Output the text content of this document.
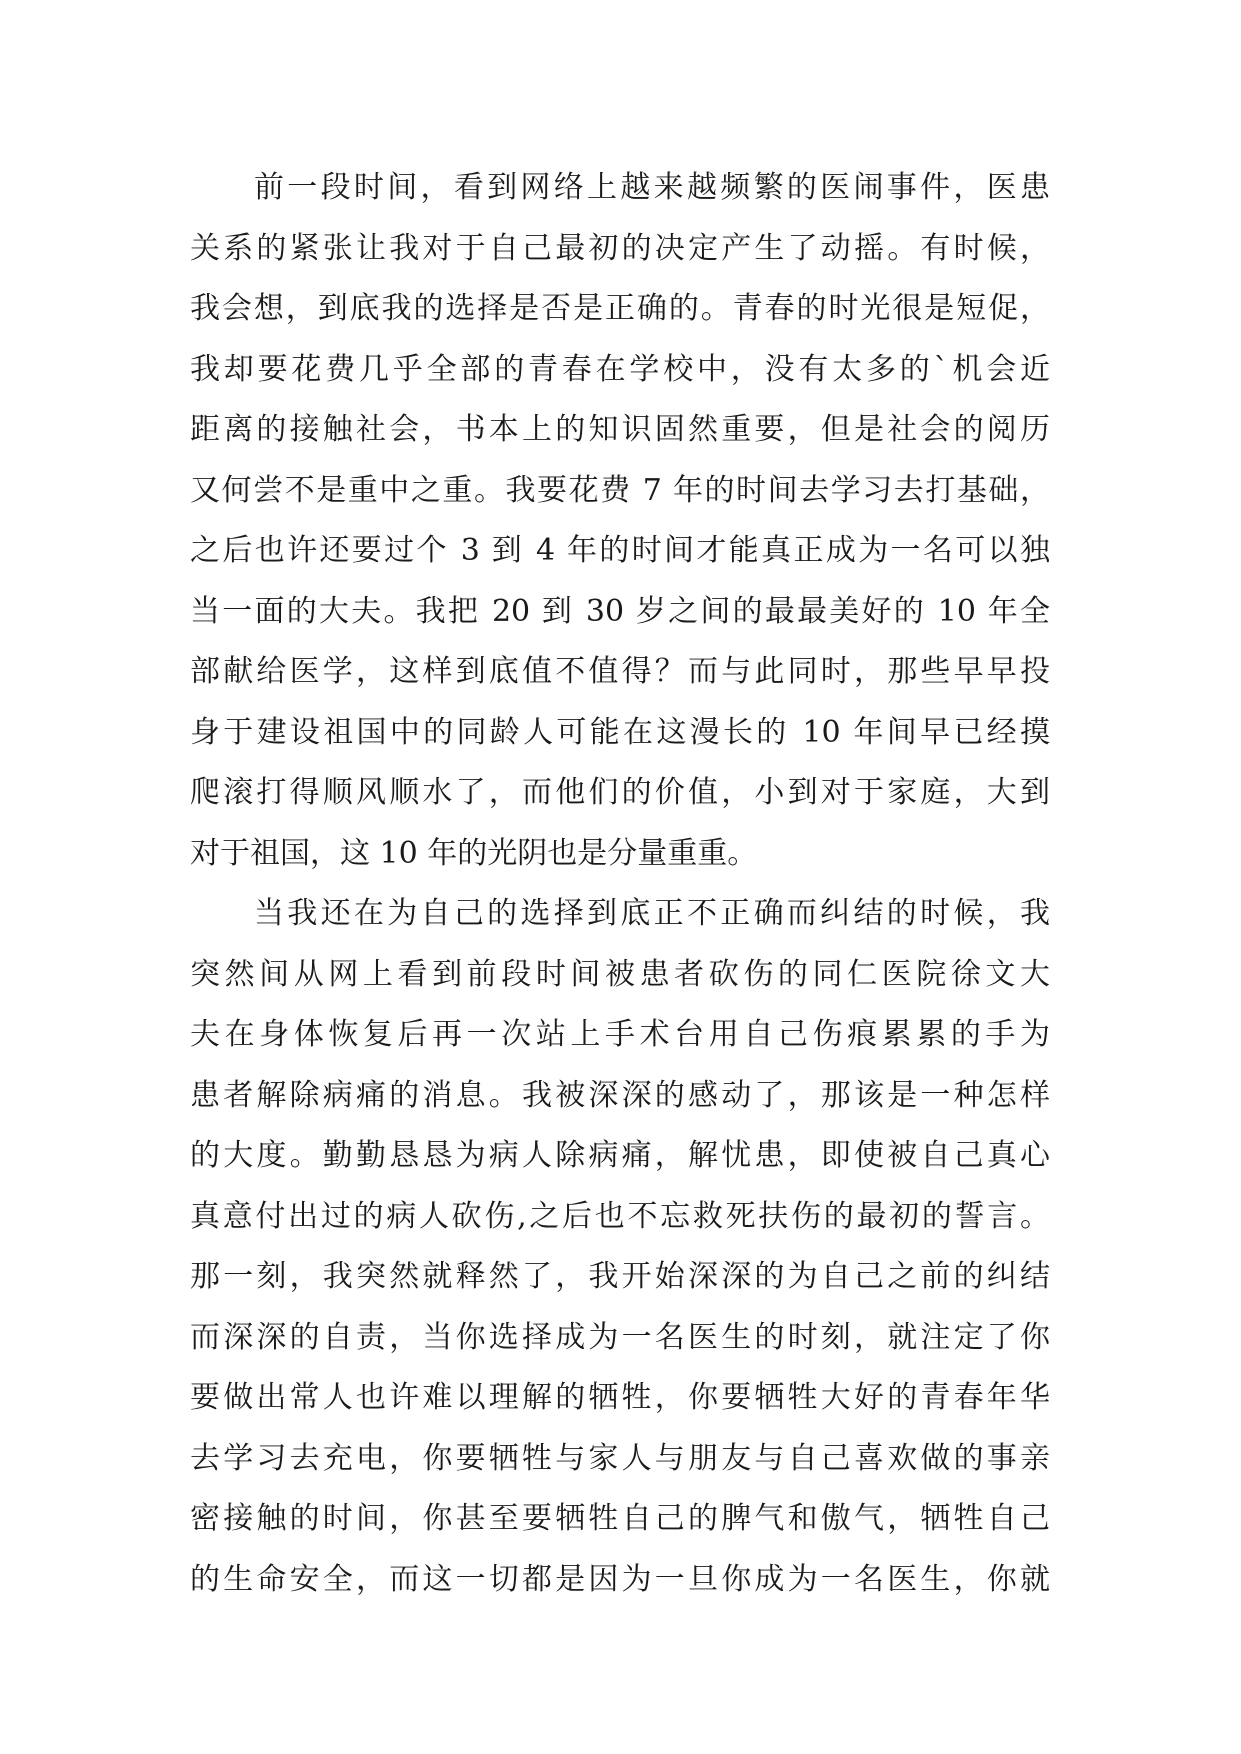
前一段时间，看到网络上越来越频繁的医闹事件，医患
关系的紧张让我对于自己最初的决定产生了动摇。有时候，
我会想，到底我的选择是否是正确的。青春的时光很是短促，
我却要花费几乎全部的青春在学校中，没有太多的`机会近
距离的接触社会，书本上的知识固然重要，但是社会的阅历
又何尝不是重中之重。我要花费 7 年的时间去学习去打基础，
之后也许还要过个 3 到 4 年的时间才能真正成为一名可以独
当一面的大夫。我把 20 到 30 岁之间的最最美好的 10 年全
部献给医学，这样到底值不值得？而与此同时，那些早早投
身于建设祖国中的同龄人可能在这漫长的 10 年间早已经摸
爬滚打得顺风顺水了，而他们的价值，小到对于家庭，大到
对于祖国，这 10 年的光阴也是分量重重。
当我还在为自己的选择到底正不正确而纠结的时候，我
突然间从网上看到前段时间被患者砍伤的同仁医院徐文大
夫在身体恢复后再一次站上手术台用自己伤痕累累的手为
患者解除病痛的消息。我被深深的感动了，那该是一种怎样
的大度。勤勤恳恳为病人除病痛，解忧患，即使被自己真心
真意付出过的病人砍伤,之后也不忘救死扶伤的最初的誓言。
那一刻，我突然就释然了，我开始深深的为自己之前的纠结
而深深的自责，当你选择成为一名医生的时刻，就注定了你
要做出常人也许难以理解的牺牲，你要牺牲大好的青春年华
去学习去充电，你要牺牲与家人与朋友与自己喜欢做的事亲
密接触的时间，你甚至要牺牲自己的脾气和傲气，牺牲自己
的生命安全，而这一切都是因为一旦你成为一名医生，你就
